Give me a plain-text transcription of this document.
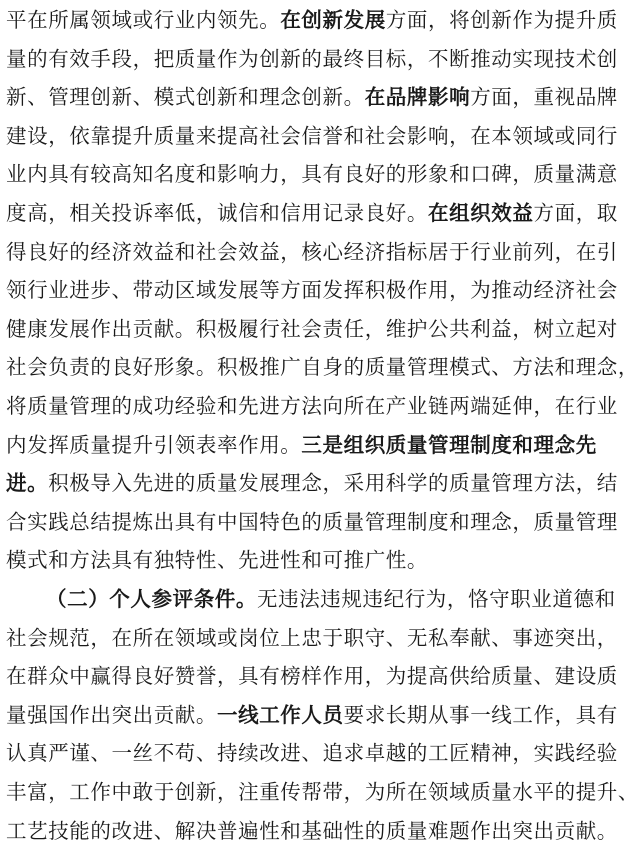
平在所属领域或行业内领先。在创新发展方面，将创新作为提升质
量的有效手段，把质量作为创新的最终目标，不断推动实现技术创
新、管理创新、模式创新和理念创新。在品牌影响方面，重视品牌
建设，依靠提升质量来提高社会信誉和社会影响，在本领域或同行
业内具有较高知名度和影响力，具有良好的形象和口碑，质量满意
度高，相关投诉率低，诚信和信用记录良好。在组织效益方面，取
得良好的经济效益和社会效益，核心经济指标居于行业前列，在引
领行业进步、带动区域发展等方面发挥积极作用，为推动经济社会
健康发展作出贡献。积极履行社会责任，维护公共利益，树立起对
社会负责的良好形象。积极推广自身的质量管理模式、方法和理念，
将质量管理的成功经验和先进方法向所在产业链两端延伸，在行业
内发挥质量提升引领表率作用。三是组织质量管理制度和理念先
进。积极导入先进的质量发展理念，采用科学的质量管理方法，结
合实践总结提炼出具有中国特色的质量管理制度和理念，质量管理
模式和方法具有独特性、先进性和可推广性。
（二）个人参评条件。无违法违规违纪行为，恪守职业道德和
社会规范，在所在领域或岗位上忠于职守、无私奉献、事迹突出，
在群众中赢得良好赞誉，具有榜样作用，为提高供给质量、建设质
量强国作出突出贡献。一线工作人员要求长期从事一线工作，具有
认真严谨、一丝不苟、持续改进、追求卓越的工匠精神，实践经验
丰富，工作中敢于创新，注重传帮带，为所在领域质量水平的提升、
工艺技能的改进、解决普遍性和基础性的质量难题作出突出贡献。
